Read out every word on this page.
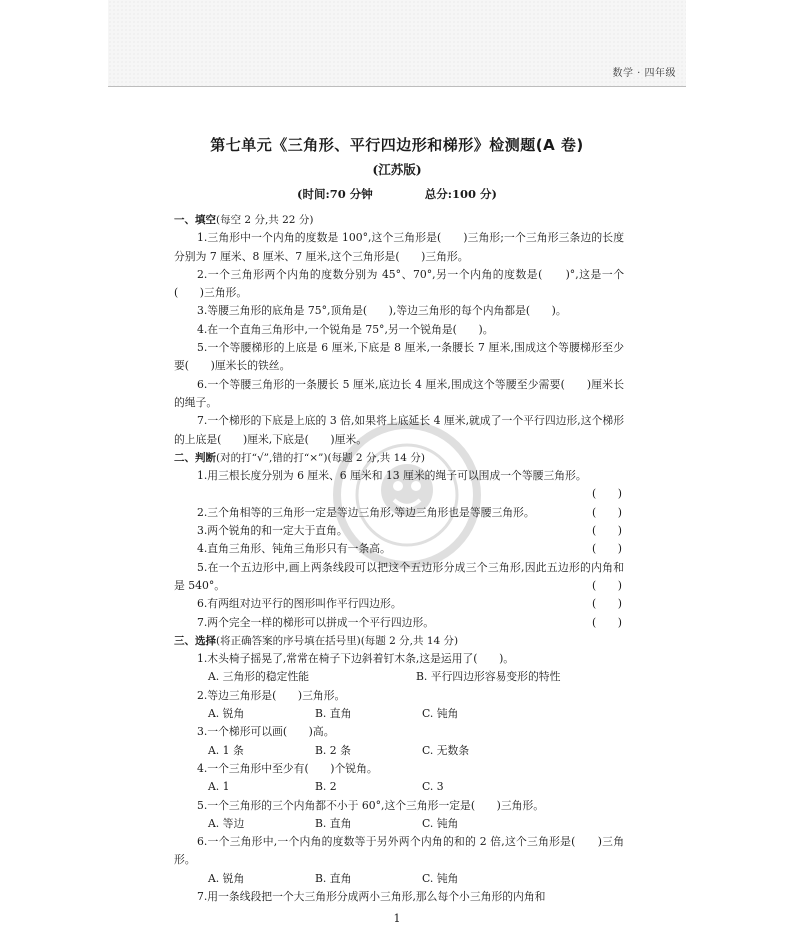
数学 · 四年级
第七单元《三角形、平行四边形和梯形》检测题(A 卷)
(江苏版)
(时间:70 分钟	总分:100 分)

一、填空(每空 2 分,共 22 分)

1.三角形中一个内角的度数是 100°,这个三角形是(　　)三角形;一个三角形三条边的长度分别为 7 厘米、8 厘米、7 厘米,这个三角形是(　　)三角形。

2.一个三角形两个内角的度数分别为 45°、70°,另一个内角的度数是(　　)°,这是一个(　　)三角形。

3.等腰三角形的底角是 75°,顶角是(　　),等边三角形的每个内角都是(　　)。

4.在一个直角三角形中,一个锐角是 75°,另一个锐角是(　　)。

5.一个等腰梯形的上底是 6 厘米,下底是 8 厘米,一条腰长 7 厘米,围成这个等腰梯形至少要(　　)厘米长的铁丝。

6.一个等腰三角形的一条腰长 5 厘米,底边长 4 厘米,围成这个等腰至少需要(　　)厘米长的绳子。

7.一个梯形的下底是上底的 3 倍,如果将上底延长 4 厘米,就成了一个平行四边形,这个梯形的上底是(　　)厘米,下底是(　　)厘米。

二、判断(对的打“√”,错的打“×”)(每题 2 分,共 14 分)

1.用三根长度分别为 6 厘米、6 厘米和 13 厘米的绳子可以围成一个等腰三角形。

(　　)

2.三个角相等的三角形一定是等边三角形,等边三角形也是等腰三角形。	(　　)

3.两个锐角的和一定大于直角。	(　　)

4.直角三角形、钝角三角形只有一条高。	(　　)

5.在一个五边形中,画上两条线段可以把这个五边形分成三个三角形,因此五边形的内角和是 540°。	(　　)

6.有两组对边平行的图形叫作平行四边形。	(　　)

7.两个完全一样的梯形可以拼成一个平行四边形。	(　　)

三、选择(将正确答案的序号填在括号里)(每题 2 分,共 14 分)

1.木头椅子摇晃了,常常在椅子下边斜着钉木条,这是运用了(　　)。

A. 三角形的稳定性能	B. 平行四边形容易变形的特性

2.等边三角形是(　　)三角形。

A. 锐角	B. 直角	C. 钝角

3.一个梯形可以画(　　)高。

A. 1 条	B. 2 条	C. 无数条

4.一个三角形中至少有(　　)个锐角。

A. 1	B. 2	C. 3

5.一个三角形的三个内角都不小于 60°,这个三角形一定是(　　)三角形。

A. 等边	B. 直角	C. 钝角

6.一个三角形中,一个内角的度数等于另外两个内角的和的 2 倍,这个三角形是(　　)三角形。

A. 锐角	B. 直角	C. 钝角

7.用一条线段把一个大三角形分成两小三角形,那么每个小三角形的内角和

1
